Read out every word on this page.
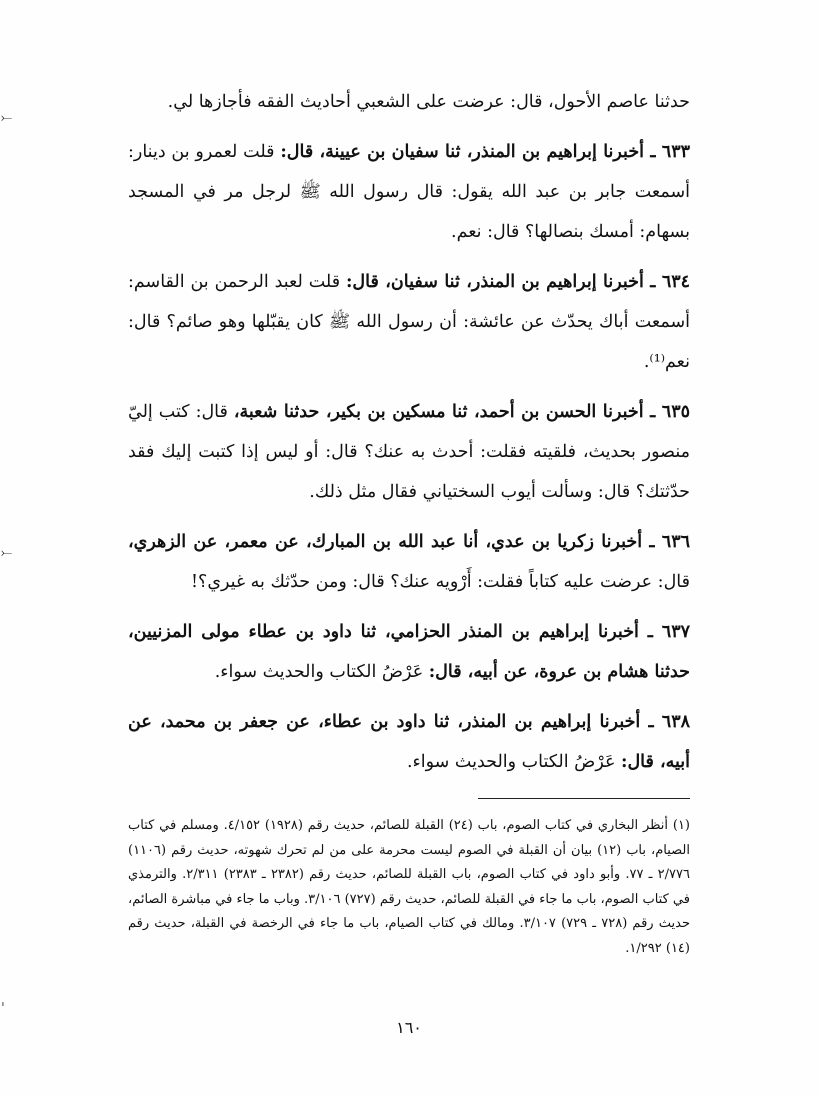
حدثنا عاصم الأحول، قال: عرضت على الشعبي أحاديث الفقه فأجازها لي.

٦٣٣ ـ أخبرنا إبراهيم بن المنذر، ثنا سفيان بن عيينة، قال: قلت لعمرو بن دينار: أسمعت جابر بن عبد الله يقول: قال رسول الله ﷺ لرجل مر في المسجد بسهام: أمسك بنصالها؟ قال: نعم.

٦٣٤ ـ أخبرنا إبراهيم بن المنذر، ثنا سفيان، قال: قلت لعبد الرحمن بن القاسم: أسمعت أباك يحدّث عن عائشة: أن رسول الله ﷺ كان يقبّلها وهو صائم؟ قال: نعم⁽¹⁾.

٦٣٥ ـ أخبرنا الحسن بن أحمد، ثنا مسكين بن بكير، حدثنا شعبة، قال: كتب إليّ منصور بحديث، فلقيته فقلت: أحدث به عنك؟ قال: أو ليس إذا كتبت إليك فقد حدّثتك؟ قال: وسألت أيوب السختياني فقال مثل ذلك.

٦٣٦ ـ أخبرنا زكريا بن عدي، أنا عبد الله بن المبارك، عن معمر، عن الزهري، قال: عرضت عليه كتاباً فقلت: أَرْويه عنك؟ قال: ومن حدّثك به غيري؟!

٦٣٧ ـ أخبرنا إبراهيم بن المنذر الحزامي، ثنا داود بن عطاء مولى المزنيين، حدثنا هشام بن عروة، عن أبيه، قال: عَرْضُ الكتاب والحديث سواء.

٦٣٨ ـ أخبرنا إبراهيم بن المنذر، ثنا داود بن عطاء، عن جعفر بن محمد، عن أبيه، قال: عَرْضُ الكتاب والحديث سواء.

(١) أنظر البخاري في كتاب الصوم، باب (٢٤) القبلة للصائم، حديث رقم (١٩٢٨) ٤/١٥٢. ومسلم في كتاب الصيام، باب (١٢) بيان أن القبلة في الصوم ليست محرمة على من لم تحرك شهوته، حديث رقم (١١٠٦) ٢/٧٧٦ ـ ٧٧. وأبو داود في كتاب الصوم، باب القبلة للصائم، حديث رقم (٢٣٨٢ ـ ٢٣٨٣) ٢/٣١١. والترمذي في كتاب الصوم، باب ما جاء في القبلة للصائم، حديث رقم (٧٢٧) ٣/١٠٦. وباب ما جاء في مباشرة الصائم، حديث رقم (٧٢٨ ـ ٧٢٩) ٣/١٠٧. ومالك في كتاب الصيام، باب ما جاء في الرخصة في القبلة، حديث رقم (١٤) ١/٢٩٢.
١٦٠
⤚
⤚
ˌ
